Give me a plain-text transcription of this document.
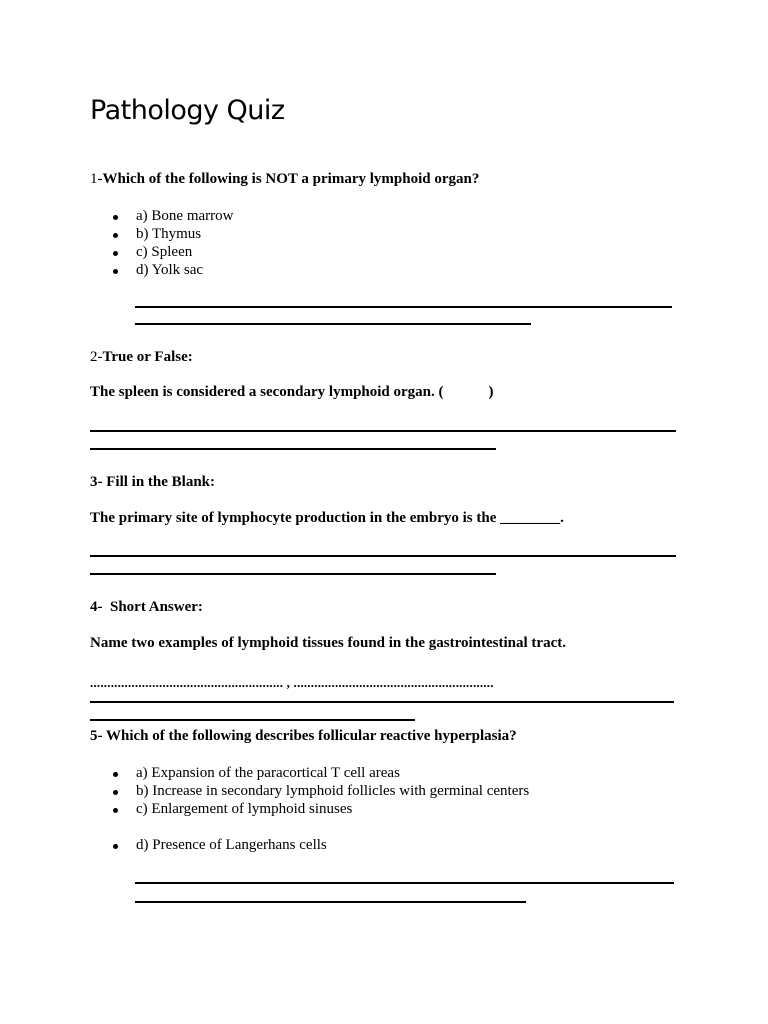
Pathology Quiz
1-Which of the following is NOT a primary lymphoid organ?
a) Bone marrow
b) Thymus
c) Spleen
d) Yolk sac
2-True or False:
The spleen is considered a secondary lymphoid organ. (            )
3- Fill in the Blank:
The primary site of lymphocyte production in the embryo is the ________.
4-  Short Answer:
Name two examples of lymphoid tissues found in the gastrointestinal tract.
........................................................ , ..........................................................
5- Which of the following describes follicular reactive hyperplasia?
a) Expansion of the paracortical T cell areas
b) Increase in secondary lymphoid follicles with germinal centers
c) Enlargement of lymphoid sinuses
d) Presence of Langerhans cells
